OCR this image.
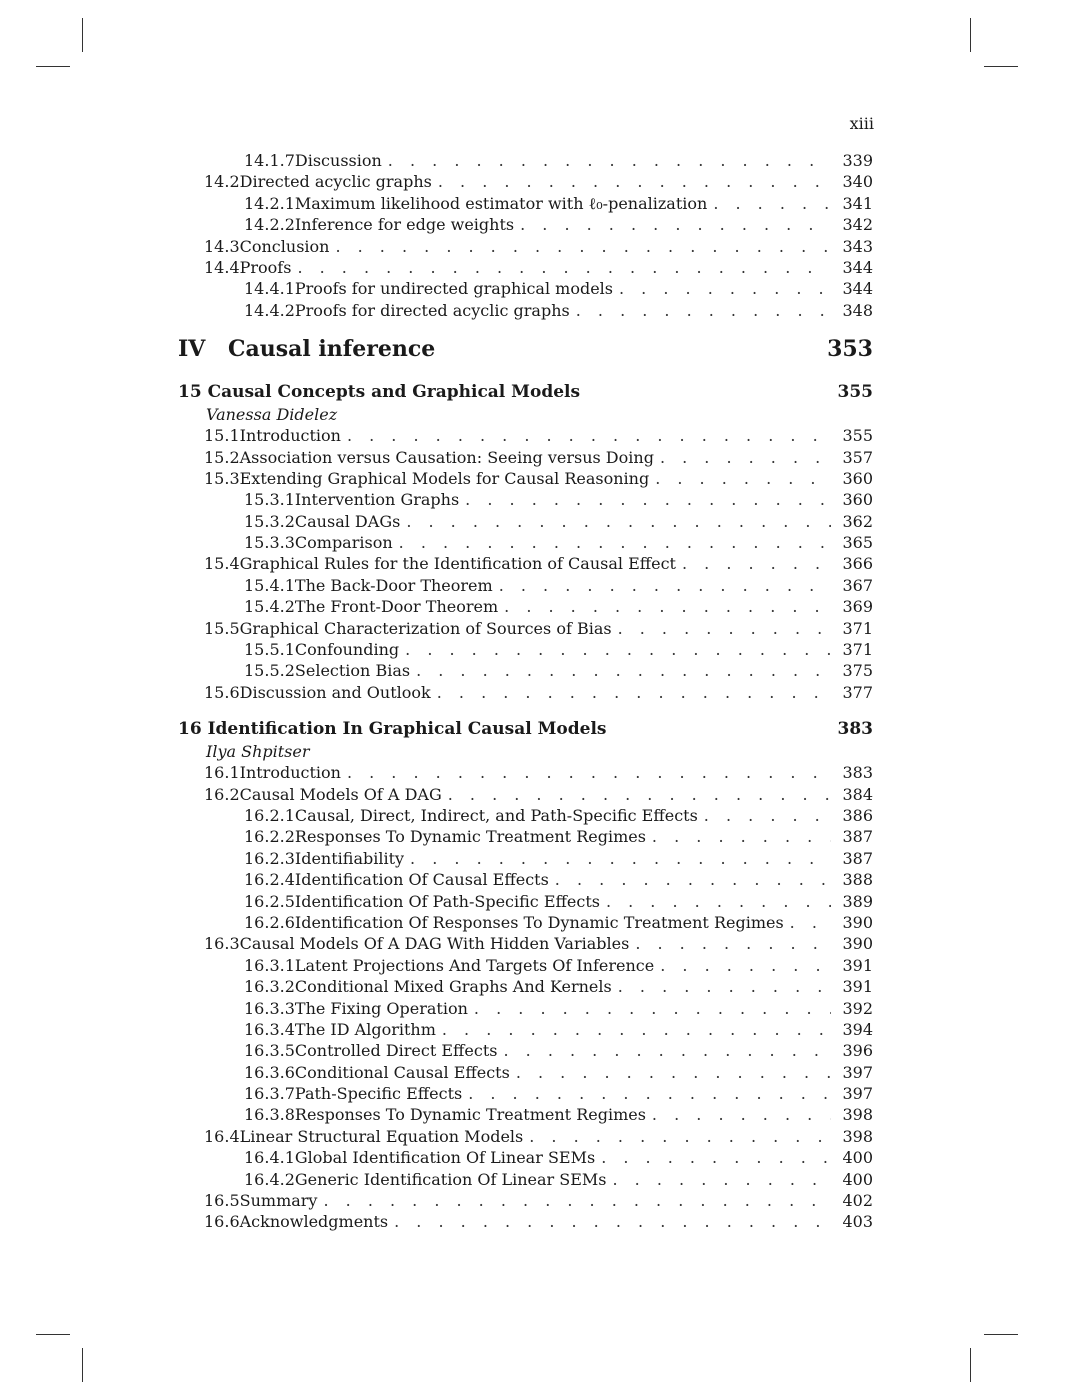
xiii
14.1.7 Discussion . . .	339
14.2 Directed acyclic graphs . . .	340
14.2.1 Maximum likelihood estimator with ℓ₀-penalization . . .	341
14.2.2 Inference for edge weights . . .	342
14.3 Conclusion . . .	343
14.4 Proofs . . .	344
14.4.1 Proofs for undirected graphical models . . .	344
14.4.2 Proofs for directed acyclic graphs . . .	348
IV	Causal inference	353
15 Causal Concepts and Graphical Models	355
Vanessa Didelez
15.1 Introduction . . .	355
15.2 Association versus Causation: Seeing versus Doing . . .	357
15.3 Extending Graphical Models for Causal Reasoning . . .	360
15.3.1 Intervention Graphs . . .	360
15.3.2 Causal DAGs . . .	362
15.3.3 Comparison . . .	365
15.4 Graphical Rules for the Identification of Causal Effect . . .	366
15.4.1 The Back-Door Theorem . . .	367
15.4.2 The Front-Door Theorem . . .	369
15.5 Graphical Characterization of Sources of Bias . . .	371
15.5.1 Confounding . . .	371
15.5.2 Selection Bias . . .	375
15.6 Discussion and Outlook . . .	377
16 Identification In Graphical Causal Models	383
Ilya Shpitser
16.1 Introduction . . .	383
16.2 Causal Models Of A DAG . . .	384
16.2.1 Causal, Direct, Indirect, and Path-Specific Effects . . .	386
16.2.2 Responses To Dynamic Treatment Regimes . . .	387
16.2.3 Identifiability . . .	387
16.2.4 Identification Of Causal Effects . . .	388
16.2.5 Identification Of Path-Specific Effects . . .	389
16.2.6 Identification Of Responses To Dynamic Treatment Regimes . . .	390
16.3 Causal Models Of A DAG With Hidden Variables . . .	390
16.3.1 Latent Projections And Targets Of Inference . . .	391
16.3.2 Conditional Mixed Graphs And Kernels . . .	391
16.3.3 The Fixing Operation . . .	392
16.3.4 The ID Algorithm . . .	394
16.3.5 Controlled Direct Effects . . .	396
16.3.6 Conditional Causal Effects . . .	397
16.3.7 Path-Specific Effects . . .	397
16.3.8 Responses To Dynamic Treatment Regimes . . .	398
16.4 Linear Structural Equation Models . . .	398
16.4.1 Global Identification Of Linear SEMs . . .	400
16.4.2 Generic Identification Of Linear SEMs . . .	400
16.5 Summary . . .	402
16.6 Acknowledgments . . .	403
